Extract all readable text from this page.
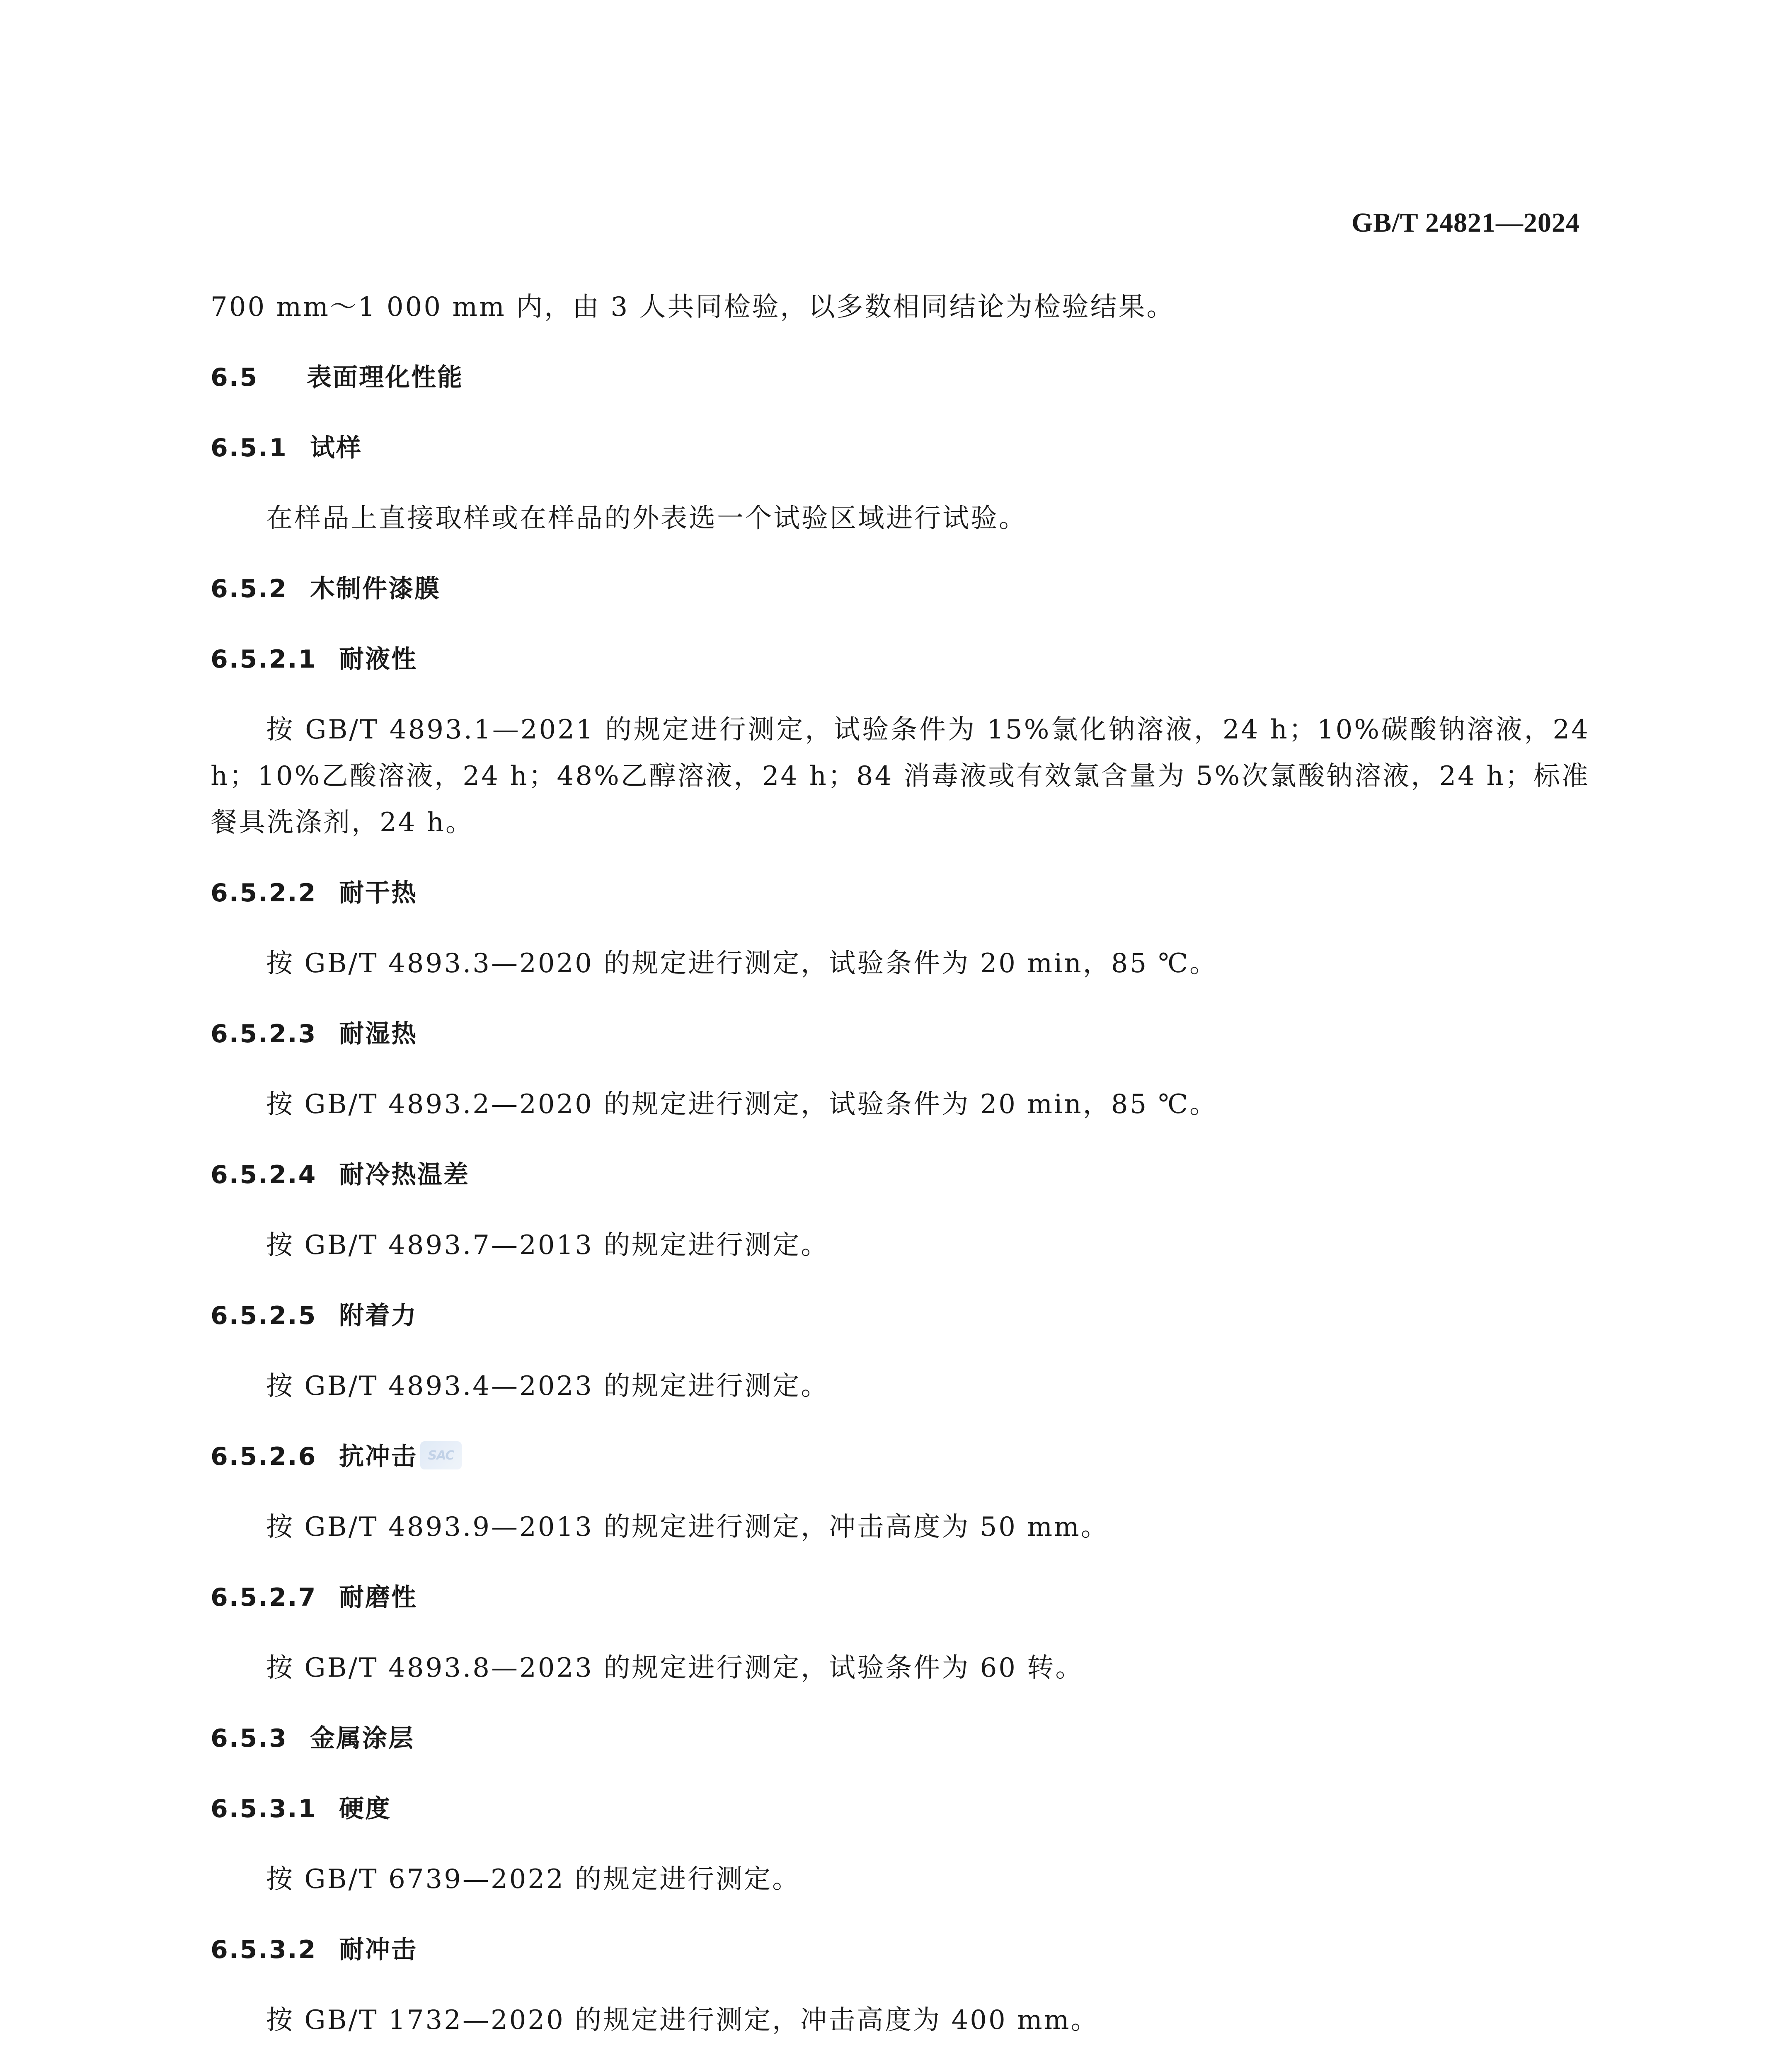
GB/T 24821—2024

700 mm～1 000 mm 内，由 3 人共同检验，以多数相同结论为检验结果。

6.5	表面理化性能
6.5.1 试样

在样品上直接取样或在样品的外表选一个试验区域进行试验。

6.5.2 木制件漆膜
6.5.2.1 耐液性

按 GB/T 4893.1—2021 的规定进行测定，试验条件为 15%氯化钠溶液，24 h；10%碳酸钠溶液，24 h；10%乙酸溶液，24 h；48%乙醇溶液，24 h；84 消毒液或有效氯含量为 5%次氯酸钠溶液，24 h；标准餐具洗涤剂，24 h。

6.5.2.2 耐干热

按 GB/T 4893.3—2020 的规定进行测定，试验条件为 20 min，85 ℃。

6.5.2.3 耐湿热

按 GB/T 4893.2—2020 的规定进行测定，试验条件为 20 min，85 ℃。

6.5.2.4 耐冷热温差

按 GB/T 4893.7—2013 的规定进行测定。

6.5.2.5 附着力

按 GB/T 4893.4—2023 的规定进行测定。

6.5.2.6 抗冲击

按 GB/T 4893.9—2013 的规定进行测定，冲击高度为 50 mm。

6.5.2.7 耐磨性

按 GB/T 4893.8—2023 的规定进行测定，试验条件为 60 转。

6.5.3 金属涂层
6.5.3.1 硬度

按 GB/T 6739—2022 的规定进行测定。

6.5.3.2 耐冲击

按 GB/T 1732—2020 的规定进行测定，冲击高度为 400 mm。

SAC
